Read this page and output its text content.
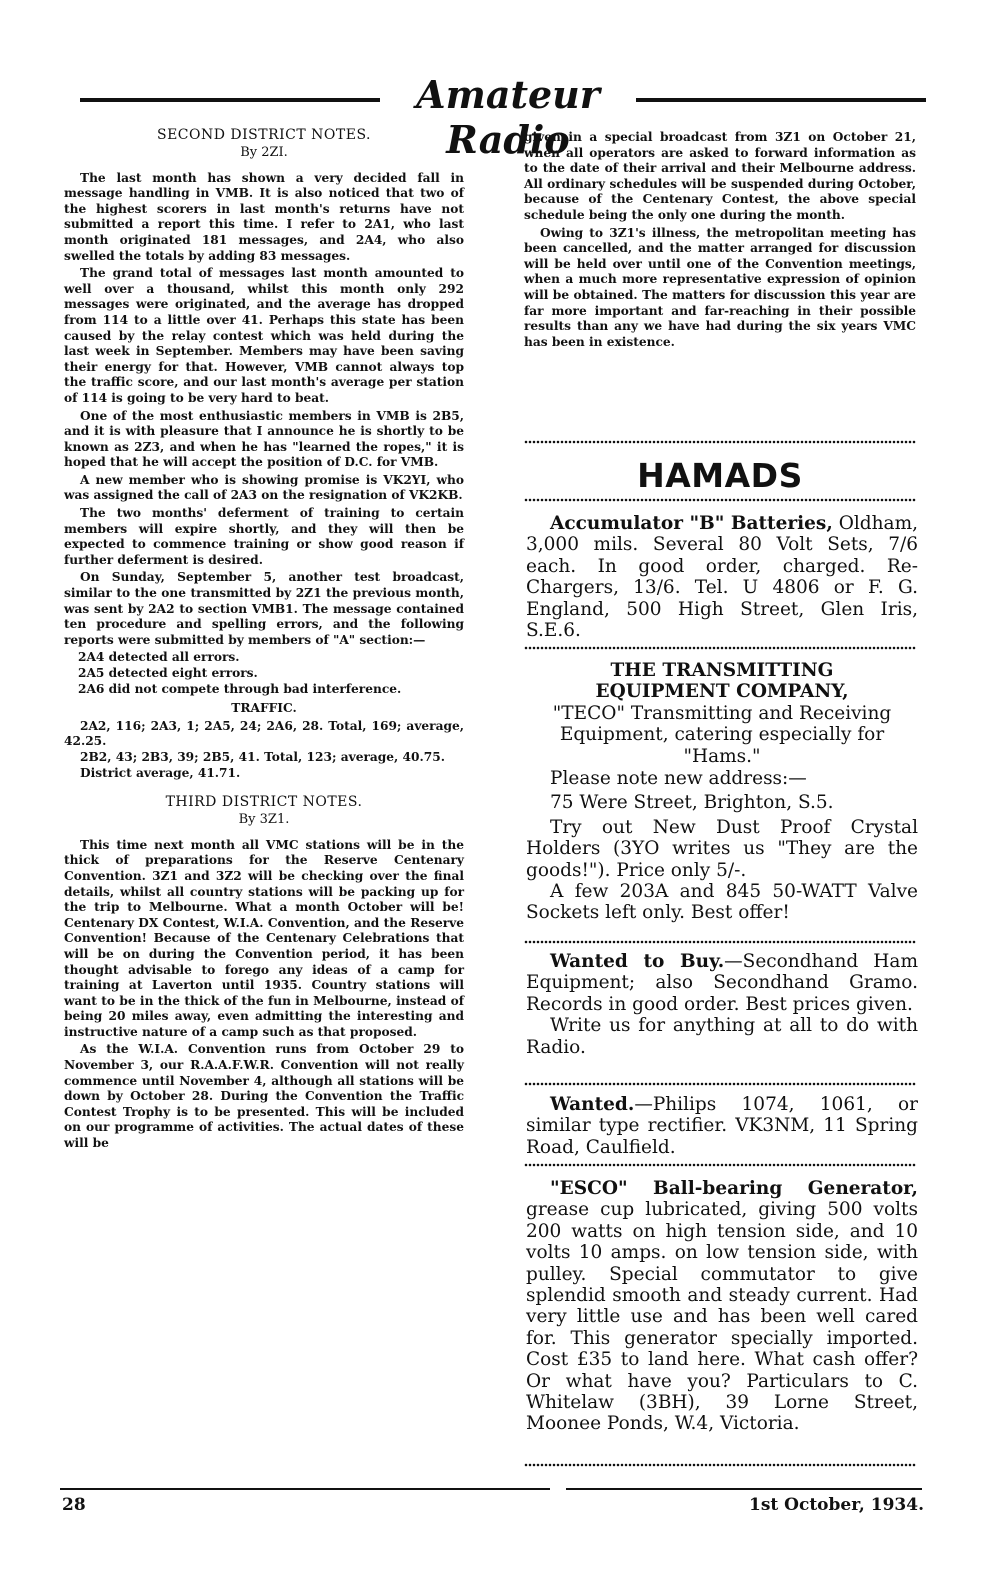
Amateur Radio
SECOND DISTRICT NOTES.
By 2ZI.

The last month has shown a very decided fall in message handling in VMB. It is also noticed that two of the highest scorers in last month's returns have not submitted a report this time. I refer to 2A1, who last month originated 181 messages, and 2A4, who also swelled the totals by adding 83 messages.

The grand total of messages last month amounted to well over a thousand, whilst this month only 292 messages were originated, and the average has dropped from 114 to a little over 41. Perhaps this state has been caused by the relay contest which was held during the last week in September. Members may have been saving their energy for that. However, VMB cannot always top the traffic score, and our last month's average per station of 114 is going to be very hard to beat.

One of the most enthusiastic members in VMB is 2B5, and it is with pleasure that I announce he is shortly to be known as 2Z3, and when he has "learned the ropes," it is hoped that he will accept the position of D.C. for VMB.

A new member who is showing promise is VK2YI, who was assigned the call of 2A3 on the resignation of VK2KB.

The two months' deferment of training to certain members will expire shortly, and they will then be expected to commence training or show good reason if further deferment is desired.

On Sunday, September 5, another test broadcast, similar to the one transmitted by 2Z1 the previous month, was sent by 2A2 to section VMB1. The message contained ten procedure and spelling errors, and the following reports were submitted by members of "A" section:—

2A4 detected all errors.

2A5 detected eight errors.

2A6 did not compete through bad interference.

TRAFFIC.

2A2, 116; 2A3, 1; 2A5, 24; 2A6, 28. Total, 169; average, 42.25.

2B2, 43; 2B3, 39; 2B5, 41. Total, 123; average, 40.75.

District average, 41.71.

THIRD DISTRICT NOTES.
By 3Z1.

This time next month all VMC stations will be in the thick of preparations for the Reserve Centenary Convention. 3Z1 and 3Z2 will be checking over the final details, whilst all country stations will be packing up for the trip to Melbourne. What a month October will be! Centenary DX Contest, W.I.A. Convention, and the Reserve Convention! Because of the Centenary Celebrations that will be on during the Convention period, it has been thought advisable to forego any ideas of a camp for training at Laverton until 1935. Country stations will want to be in the thick of the fun in Melbourne, instead of being 20 miles away, even admitting the interesting and instructive nature of a camp such as that proposed.

As the W.I.A. Convention runs from October 29 to November 3, our R.A.A.F.W.R. Convention will not really commence until November 4, although all stations will be down by October 28. During the Convention the Traffic Contest Trophy is to be presented. This will be included on our programme of activities. The actual dates of these will be

given in a special broadcast from 3Z1 on October 21, when all operators are asked to forward information as to the date of their arrival and their Melbourne address. All ordinary schedules will be suspended during October, because of the Centenary Contest, the above special schedule being the only one during the month.

Owing to 3Z1's illness, the metropolitan meeting has been cancelled, and the matter arranged for discussion will be held over until one of the Convention meetings, when a much more representative expression of opinion will be obtained. The matters for discussion this year are far more important and far-reaching in their possible results than any we have had during the six years VMC has been in existence.

HAMADS

Accumulator "B" Batteries, Oldham, 3,000 mils. Several 80 Volt Sets, 7/6 each. In good order, charged. Re-Chargers, 13/6. Tel. U 4806 or F. G. England, 500 High Street, Glen Iris, S.E.6.

THE TRANSMITTING EQUIPMENT COMPANY,

"TECO" Transmitting and Receiving Equipment, catering especially for "Hams."

Please note new address:—

75 Were Street, Brighton, S.5.

Try out New Dust Proof Crystal Holders (3YO writes us "They are the goods!"). Price only 5/-.

A few 203A and 845 50-WATT Valve Sockets left only. Best offer!

Wanted to Buy.—Secondhand Ham Equipment; also Secondhand Gramo. Records in good order. Best prices given.

Write us for anything at all to do with Radio.

Wanted.—Philips 1074, 1061, or similar type rectifier. VK3NM, 11 Spring Road, Caulfield.

"ESCO" Ball-bearing Generator, grease cup lubricated, giving 500 volts 200 watts on high tension side, and 10 volts 10 amps. on low tension side, with pulley. Special commutator to give splendid smooth and steady current. Had very little use and has been well cared for. This generator specially imported. Cost £35 to land here. What cash offer? Or what have you? Particulars to C. Whitelaw (3BH), 39 Lorne Street, Moonee Ponds, W.4, Victoria.

28	1st October, 1934.
